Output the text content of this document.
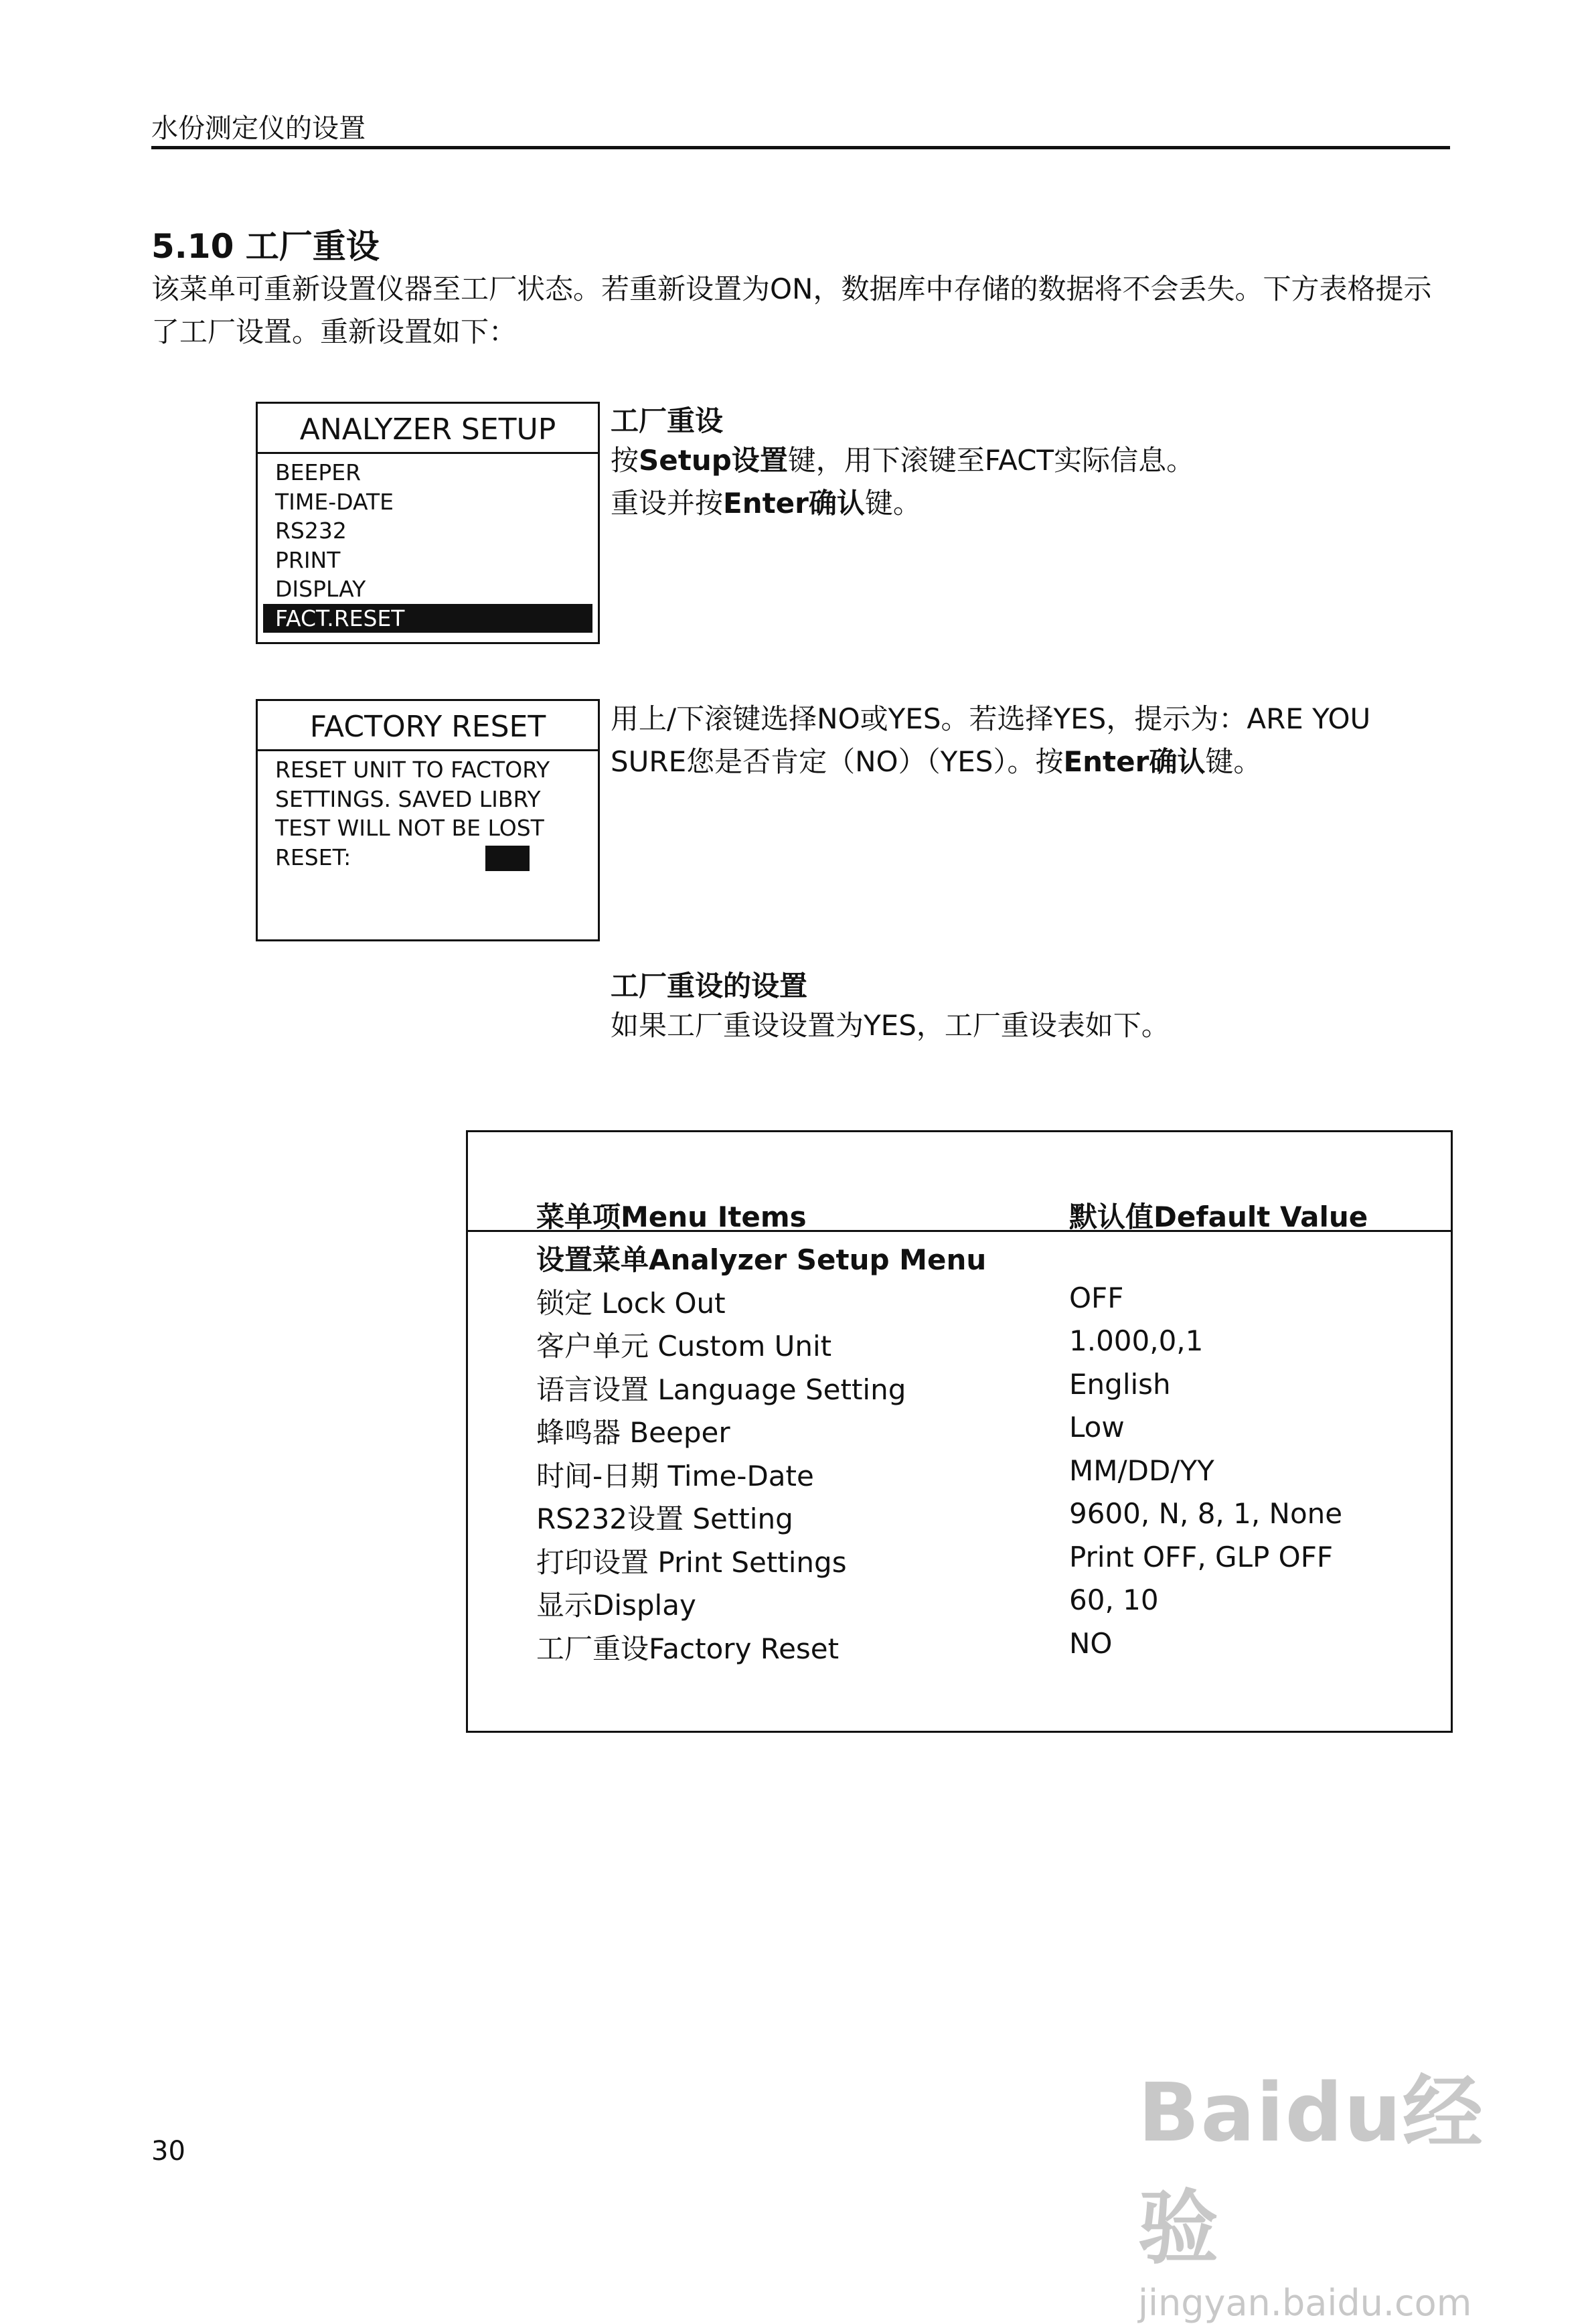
水份测定仪的设置
5.10 工厂重设
该菜单可重新设置仪器至工厂状态。若重新设置为ON，数据库中存储的数据将不会丢失。下方表格提示了工厂设置。重新设置如下：
ANALYZER SETUP
BEEPER
TIME-DATE
RS232
PRINT
DISPLAY
FACT.RESET
工厂重设
按Setup设置键，用下滚键至FACT实际信息。
重设并按Enter确认键。
FACTORY RESET
RESET UNIT TO FACTORY
SETTINGS. SAVED LIBRY
TEST WILL NOT BE LOST
RESET:
用上/下滚键选择NO或YES。若选择YES，提示为：ARE YOU SURE您是否肯定（NO）（YES）。按Enter确认键。
工厂重设的设置
如果工厂重设设置为YES，工厂重设表如下。
菜单项Menu Items	默认值Default Value
设置菜单Analyzer Setup Menu
锁定 Lock Out	OFF
客户单元 Custom Unit	1.000,0,1
语言设置 Language Setting	English
蜂鸣器 Beeper	Low
时间-日期 Time-Date	MM/DD/YY
RS232设置 Setting	9600, N, 8, 1, None
打印设置 Print Settings	Print OFF, GLP OFF
显示Display	60, 10
工厂重设Factory Reset	NO
30	Baidu经验
jingyan.baidu.com
